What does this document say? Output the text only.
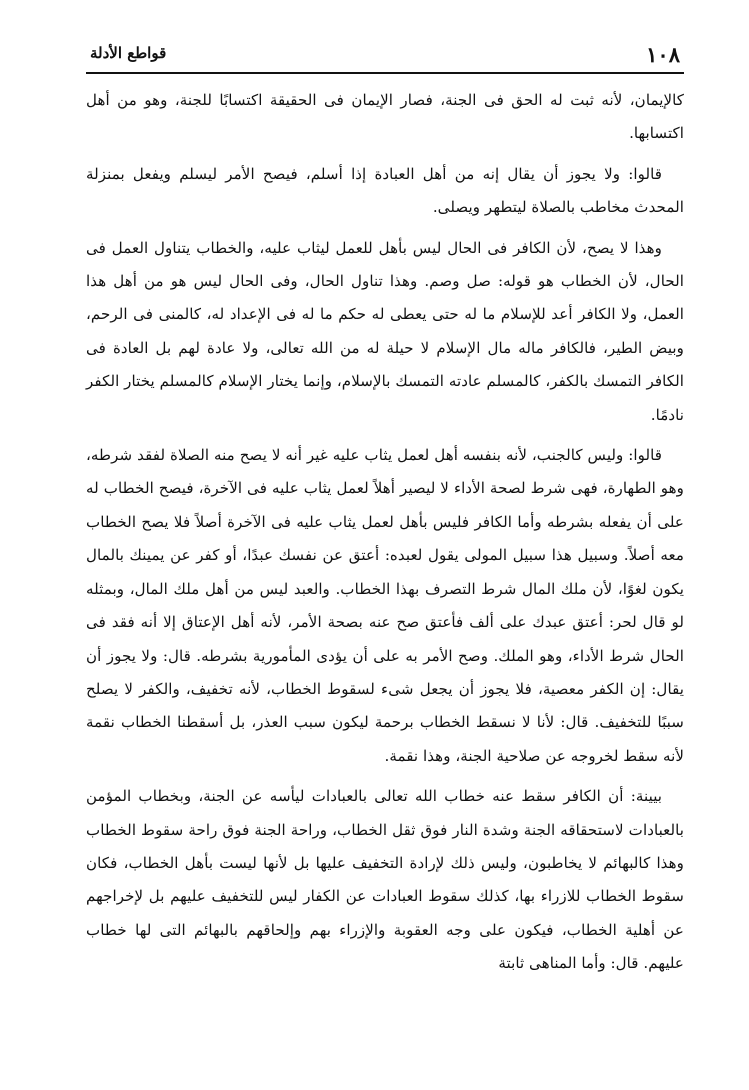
١٠٨
قواطع الأدلة

كالإيمان، لأنه ثبت له الحق فى الجنة، فصار الإيمان فى الحقيقة اكتسابًا للجنة، وهو من أهل اكتسابها.

قالوا: ولا يجوز أن يقال إنه من أهل العبادة إذا أسلم، فيصح الأمر ليسلم ويفعل بمنزلة المحدث مخاطب بالصلاة ليتطهر ويصلى.

وهذا لا يصح، لأن الكافر فى الحال ليس بأهل للعمل ليثاب عليه، والخطاب يتناول العمل فى الحال، لأن الخطاب هو قوله: صل وصم. وهذا تناول الحال، وفى الحال ليس هو من أهل هذا العمل، ولا الكافر أعد للإسلام ما له حتى يعطى له حكم ما له فى الإعداد له، كالمنى فى الرحم، وبيض الطير، فالكافر ماله مال الإسلام لا حيلة له من الله تعالى، ولا عادة لهم بل العادة فى الكافر التمسك بالكفر، كالمسلم عادته التمسك بالإسلام، وإنما يختار الإسلام كالمسلم يختار الكفر نادمًا.

قالوا: وليس كالجنب، لأنه بنفسه أهل لعمل يثاب عليه غير أنه لا يصح منه الصلاة لفقد شرطه، وهو الطهارة، فهى شرط لصحة الأداء لا ليصير أهلاً لعمل يثاب عليه فى الآخرة، فيصح الخطاب له على أن يفعله بشرطه وأما الكافر فليس بأهل لعمل يثاب عليه فى الآخرة أصلاً فلا يصح الخطاب معه أصلاً. وسبيل هذا سبيل المولى يقول لعبده: أعتق عن نفسك عبدًا، أو كفر عن يمينك بالمال يكون لغوًا، لأن ملك المال شرط التصرف بهذا الخطاب. والعبد ليس من أهل ملك المال، وبمثله لو قال لحر: أعتق عبدك على ألف فأعتق صح عنه بصحة الأمر، لأنه أهل الإعتاق إلا أنه فقد فى الحال شرط الأداء، وهو الملك. وصح الأمر به على أن يؤدى المأمورية بشرطه. قال: ولا يجوز أن يقال: إن الكفر معصية، فلا يجوز أن يجعل شىء لسقوط الخطاب، لأنه تخفيف، والكفر لا يصلح سببًا للتخفيف. قال: لأنا لا نسقط الخطاب برحمة ليكون سبب العذر، بل أسقطنا الخطاب نقمة لأنه سقط لخروجه عن صلاحية الجنة، وهذا نقمة.

بيينة: أن الكافر سقط عنه خطاب الله تعالى بالعبادات ليأسه عن الجنة، وبخطاب المؤمن بالعبادات لاستحقاقه الجنة وشدة النار فوق ثقل الخطاب، وراحة الجنة فوق راحة سقوط الخطاب وهذا كالبهائم لا يخاطبون، وليس ذلك لإرادة التخفيف عليها بل لأنها ليست بأهل الخطاب، فكان سقوط الخطاب للازراء بها، كذلك سقوط العبادات عن الكفار ليس للتخفيف عليهم بل لإخراجهم عن أهلية الخطاب، فيكون على وجه العقوبة والإزراء بهم وإلحاقهم بالبهائم التى لها خطاب عليهم. قال: وأما المناهى ثابتة
